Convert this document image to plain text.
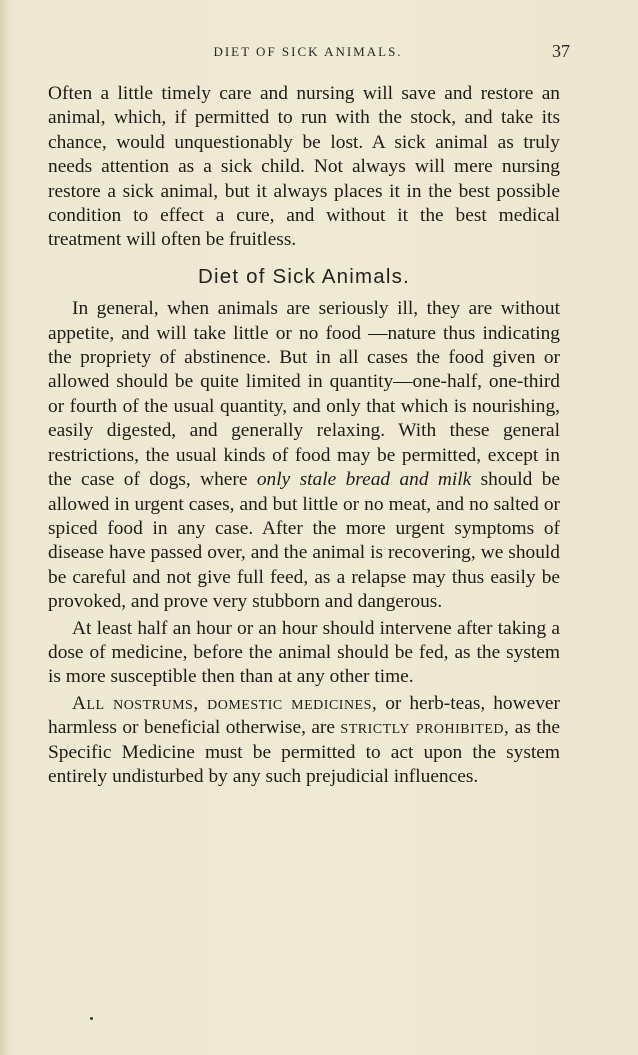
DIET OF SICK ANIMALS.	37

Often a little timely care and nursing will save and restore an animal, which, if permitted to run with the stock, and take its chance, would unquestionably be lost. A sick animal as truly needs attention as a sick child. Not always will mere nursing restore a sick animal, but it always places it in the best possible condition to effect a cure, and without it the best medical treatment will often be fruitless.

Diet of Sick Animals.

In general, when animals are seriously ill, they are without appetite, and will take little or no food —nature thus indicating the propriety of abstinence. But in all cases the food given or allowed should be quite limited in quantity—one-half, one-third or fourth of the usual quantity, and only that which is nourishing, easily digested, and generally relaxing. With these general restrictions, the usual kinds of food may be permitted, except in the case of dogs, where only stale bread and milk should be allowed in urgent cases, and but little or no meat, and no salted or spiced food in any case. After the more urgent symptoms of disease have passed over, and the animal is recovering, we should be careful and not give full feed, as a relapse may thus easily be provoked, and prove very stubborn and dangerous.

At least half an hour or an hour should intervene after taking a dose of medicine, before the animal should be fed, as the system is more susceptible then than at any other time.

All nostrums, domestic medicines, or herb-teas, however harmless or beneficial otherwise, are strictly prohibited, as the Specific Medicine must be permitted to act upon the system entirely undisturbed by any such prejudicial influences.
